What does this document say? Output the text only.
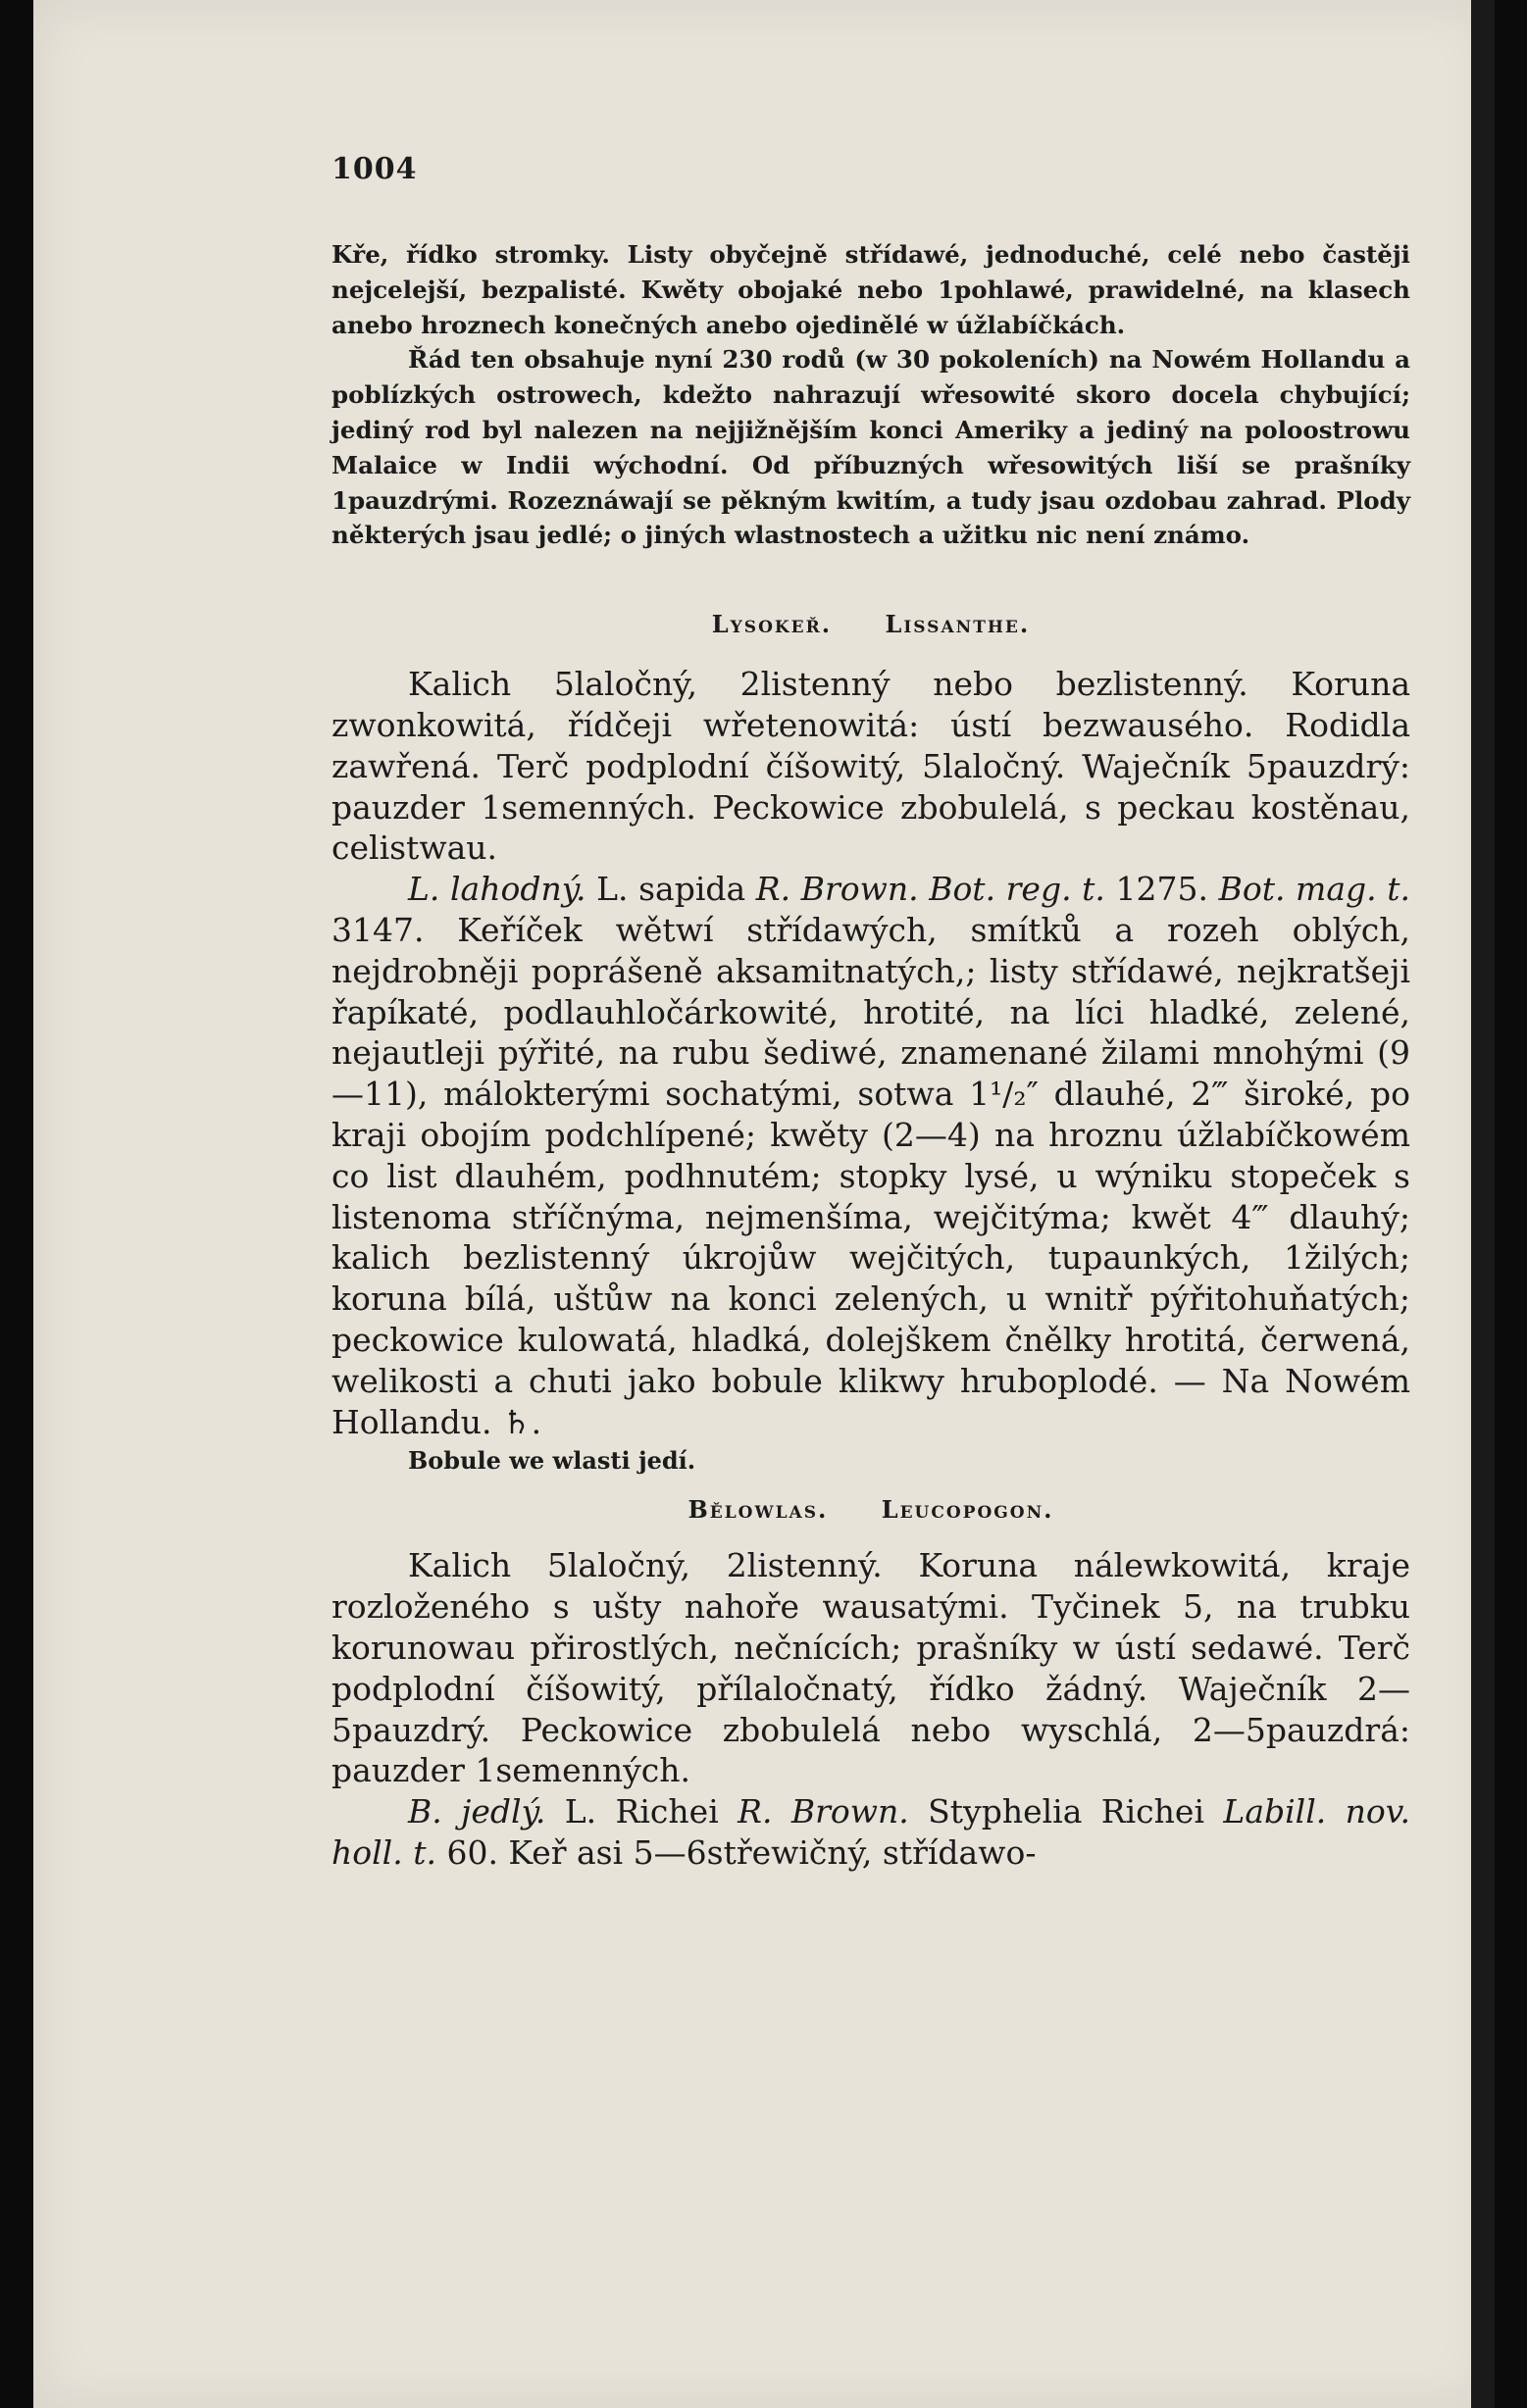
1004

Kře, řídko stromky. Listy obyčejně střídawé, jednoduché, celé nebo častěji nejcelejší, bezpalisté. Kwěty obojaké nebo 1pohlawé, prawidelné, na klasech anebo hroznech konečných anebo ojedinělé w úžlabíčkách.

Řád ten obsahuje nyní 230 rodů (w 30 pokoleních) na Nowém Hollandu a poblízkých ostrowech, kdežto nahrazují wřesowité skoro docela chybující; jediný rod byl nalezen na nejjižnějším konci Ameriky a jediný na poloostrowu Malaice w Indii wýchodní. Od příbuzných wřesowitých liší se prašníky 1pauzdrými. Rozeznáwají se pěkným kwitím, a tudy jsau ozdobau zahrad. Plody některých jsau jedlé; o jiných wlastnostech a užitku nic není známo.

Lysokeř. Lissanthe.

Kalich 5laločný, 2listenný nebo bezlistenný. Koruna zwonkowitá, řídčeji wřetenowitá: ústí bezwauséhо. Rodidla zawřená. Terč podplodní číšowitý, 5laločný. Waječník 5pauzdrý: pauzder 1semenných. Peckowice zbobulelá, s peckau kostěnau, celistwau.

L. lahodný. L. sapida R. Brown. Bot. reg. t. 1275. Bot. mag. t. 3147. Keříček wětwí střídawých, smítků a rozeh oblých, nejdrobněji poprášeně aksamitnatých,; listy střídawé, nejkratšeji řapíkaté, podlauhločárkowité, hrotité, na líci hladké, zelené, nejautleji pýřité, na rubu šediwé, znamenané žilami mnohými (9—11), málokterými sochatými, sotwa 1¹/₂″ dlauhé, 2‴ široké, po kraji obojím podchlípené; kwěty (2—4) na hroznu úžlabíčkowém co list dlauhém, podhnutém; stopky lysé, u wýniku stopeček s listenoma stříčnýma, nejmenšíma, wejčitýma; kwět 4‴ dlauhý; kalich bezlistenný úkrojůw wejčitých, tupaunkých, 1žilých; koruna bílá, uštůw na konci zelených, u wnitř pýřitohuňatých; peckowice kulowatá, hladká, dolejškem čnělky hrotitá, čerwená, welikosti a chuti jako bobule klikwy hruboplodé. — Na Nowém Hollandu. ♄.

Bobule we wlasti jedí.
Bělowlas. Leucopogon.

Kalich 5laločný, 2listenný. Koruna nálewkowitá, kraje rozloženého s ušty nahoře wausatými. Tyčinek 5, na trubku korunowau přirostlých, nečnících; prašníky w ústí sedawé. Terč podplodní číšowitý, přílaločnatý, řídko žádný. Waječník 2—5pauzdrý. Peckowice zbobulelá nebo wyschlá, 2—5pauzdrá: pauzder 1semenných.

B. jedlý. L. Richei R. Brown. Styphelia Richei Labill. nov. holl. t. 60. Keř asi 5—6střewičný, střídawo-
